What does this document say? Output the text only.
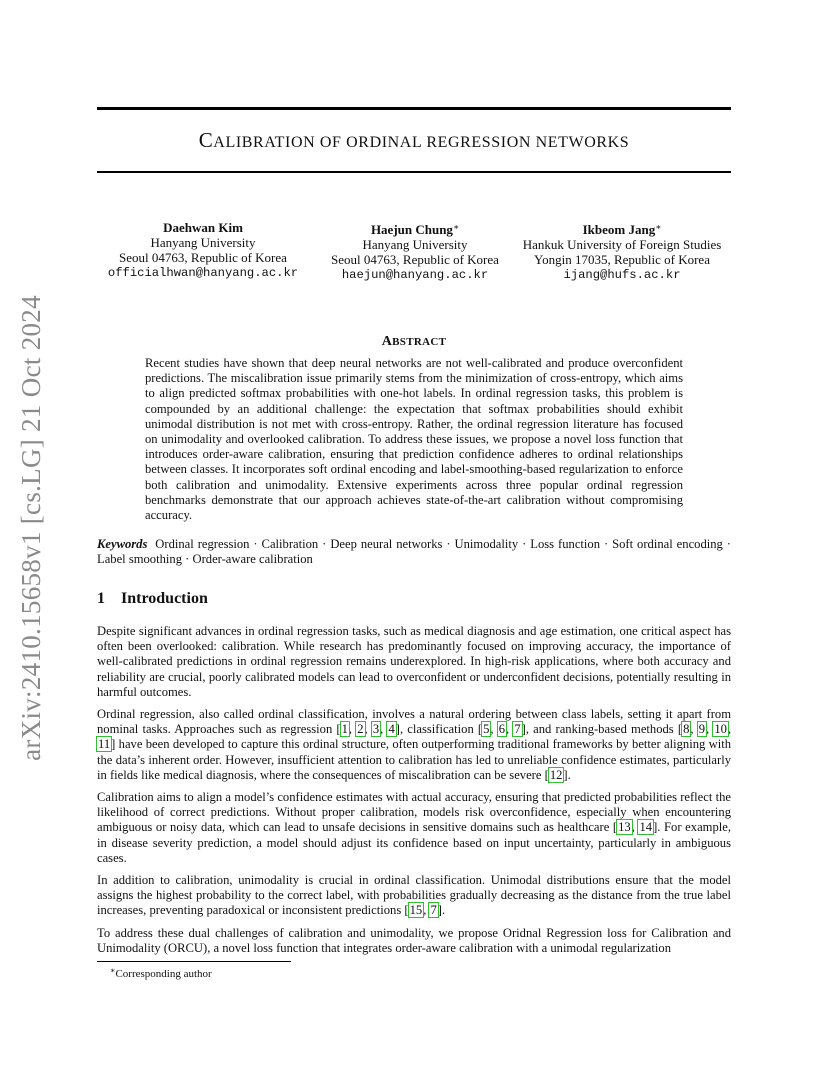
arXiv:2410.15658v1 [cs.LG] 21 Oct 2024
CALIBRATION OF ORDINAL REGRESSION NETWORKS
Daehwan Kim
Hanyang University
Seoul 04763, Republic of Korea
officialhwan@hanyang.ac.kr
Haejun Chung∗
Hanyang University
Seoul 04763, Republic of Korea
haejun@hanyang.ac.kr
Ikbeom Jang∗
Hankuk University of Foreign Studies
Yongin 17035, Republic of Korea
ijang@hufs.ac.kr
ABSTRACT
Recent studies have shown that deep neural networks are not well-calibrated and produce overconfident predictions. The miscalibration issue primarily stems from the minimization of cross-entropy, which aims to align predicted softmax probabilities with one-hot labels. In ordinal regression tasks, this problem is compounded by an additional challenge: the expectation that softmax probabilities should exhibit unimodal distribution is not met with cross-entropy. Rather, the ordinal regression literature has focused on unimodality and overlooked calibration. To address these issues, we propose a novel loss function that introduces order-aware calibration, ensuring that prediction confidence adheres to ordinal relationships between classes. It incorporates soft ordinal encoding and label-smoothing-based regularization to enforce both calibration and unimodality. Extensive experiments across three popular ordinal regression benchmarks demonstrate that our approach achieves state-of-the-art calibration without compromising accuracy.
Keywords Ordinal regression · Calibration · Deep neural networks · Unimodality · Loss function · Soft ordinal encoding · Label smoothing · Order-aware calibration
1 Introduction

Despite significant advances in ordinal regression tasks, such as medical diagnosis and age estimation, one critical aspect has often been overlooked: calibration. While research has predominantly focused on improving accuracy, the importance of well-calibrated predictions in ordinal regression remains underexplored. In high-risk applications, where both accuracy and reliability are crucial, poorly calibrated models can lead to overconfident or underconfident decisions, potentially resulting in harmful outcomes.

Ordinal regression, also called ordinal classification, involves a natural ordering between class labels, setting it apart from nominal tasks. Approaches such as regression [1, 2, 3, 4], classification [5, 6, 7], and ranking-based methods [8, 9, 10, 11] have been developed to capture this ordinal structure, often outperforming traditional frameworks by better aligning with the data’s inherent order. However, insufficient attention to calibration has led to unreliable confidence estimates, particularly in fields like medical diagnosis, where the consequences of miscalibration can be severe [12].

Calibration aims to align a model’s confidence estimates with actual accuracy, ensuring that predicted probabilities reflect the likelihood of correct predictions. Without proper calibration, models risk overconfidence, especially when encountering ambiguous or noisy data, which can lead to unsafe decisions in sensitive domains such as healthcare [13, 14]. For example, in disease severity prediction, a model should adjust its confidence based on input uncertainty, particularly in ambiguous cases.

In addition to calibration, unimodality is crucial in ordinal classification. Unimodal distributions ensure that the model assigns the highest probability to the correct label, with probabilities gradually decreasing as the distance from the true label increases, preventing paradoxical or inconsistent predictions [15, 7].

To address these dual challenges of calibration and unimodality, we propose Oridnal Regression loss for Calibration and Unimodality (ORCU), a novel loss function that integrates order-aware calibration with a unimodal regularization

∗Corresponding author
